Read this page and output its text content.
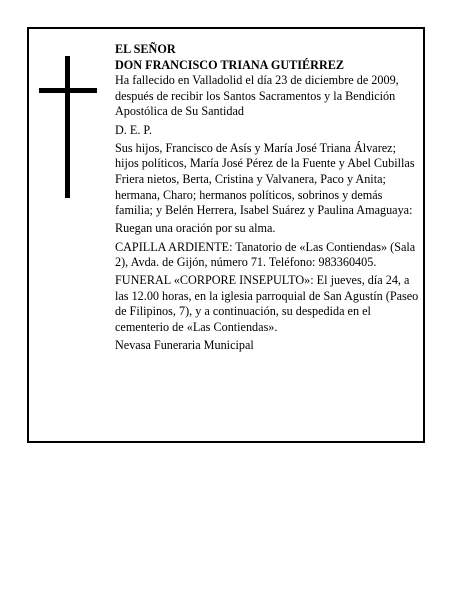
EL SEÑOR

DON FRANCISCO TRIANA GUTIÉRREZ

Ha fallecido en Valladolid el día 23 de diciembre de 2009, después de recibir los Santos Sacramentos y la Bendición Apostólica de Su Santidad

D. E. P.

Sus hijos, Francisco de Asís y María José Triana Álvarez; hijos políticos, María José Pérez de la Fuente y Abel Cubillas Friera nietos, Berta, Cristina y Valvanera, Paco y Anita; hermana, Charo; hermanos políticos, sobrinos y demás familia; y Belén Herrera, Isabel Suárez y Paulina Amaguaya:

Ruegan una oración por su alma.

CAPILLA ARDIENTE: Tanatorio de «Las Contiendas» (Sala 2), Avda. de Gijón, número 71. Teléfono: 983360405.

FUNERAL «CORPORE INSEPULTO»: El jueves, día 24, a las 12.00 horas, en la iglesia parroquial de San Agustín (Paseo de Filipinos, 7), y a continuación, su despedida en el cementerio de «Las Contiendas».

Nevasa Funeraria Municipal
